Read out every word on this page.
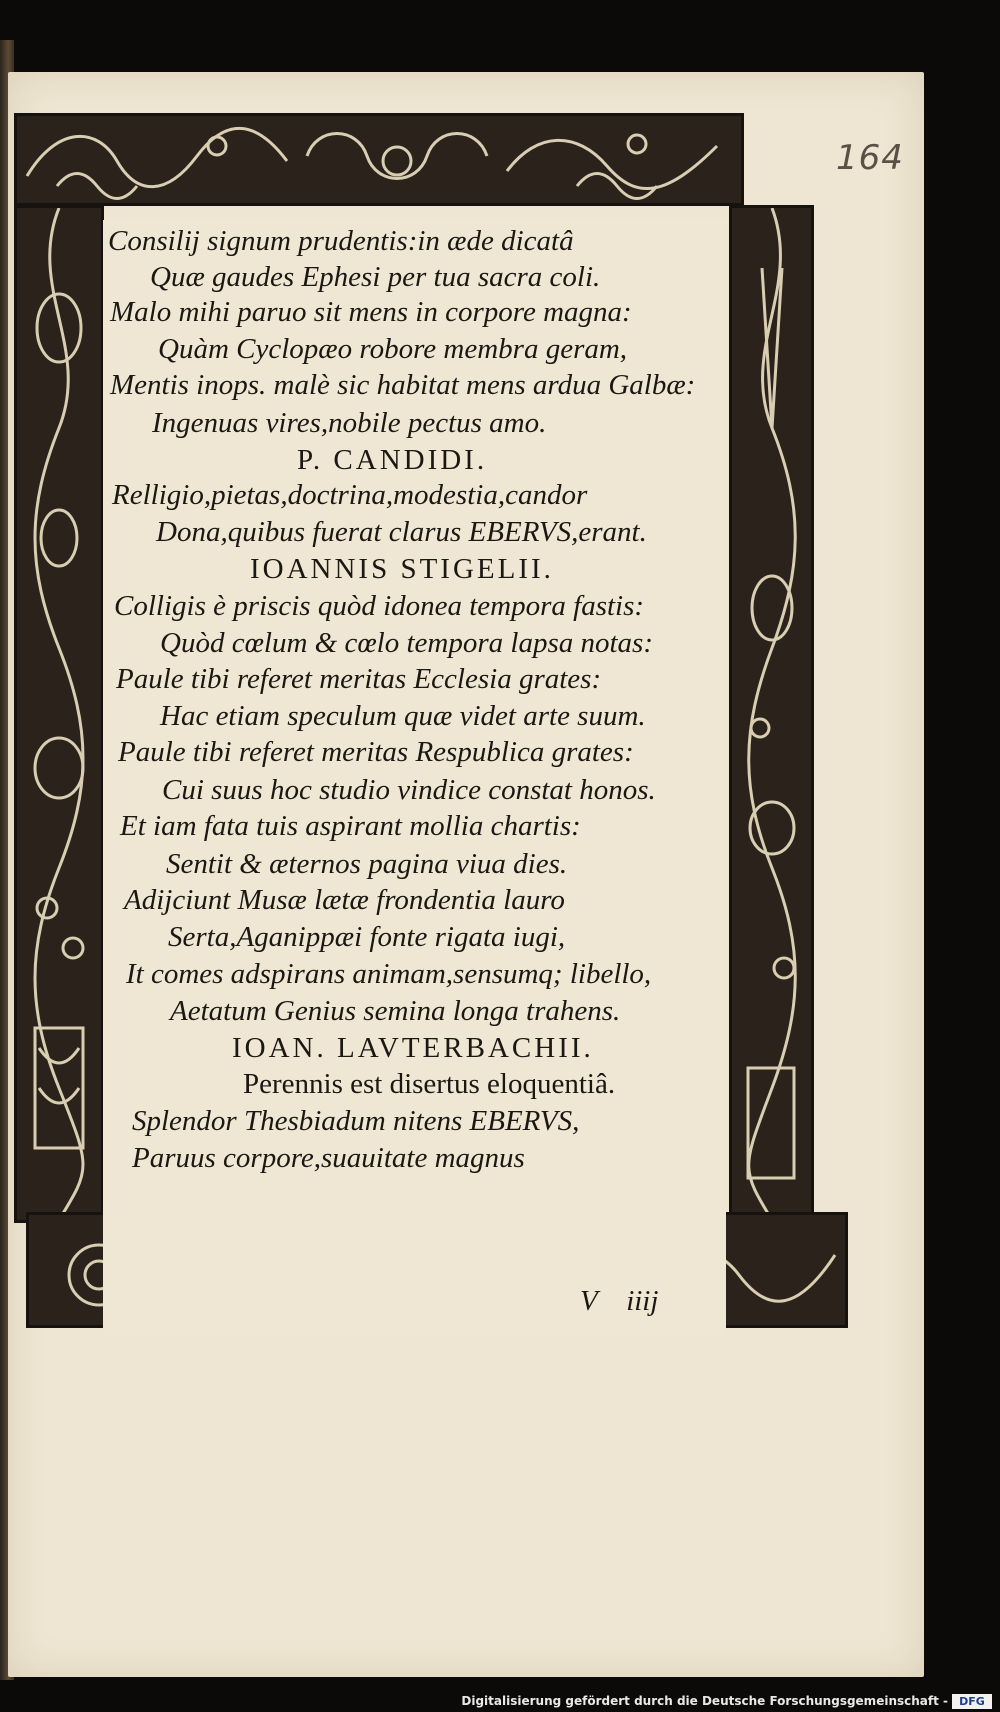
164
Consilij signum prudentis:in æde dicatâ
Quæ gaudes Ephesi per tua sacra coli.
Malo mihi paruo sit mens in corpore magna:
Quàm Cyclopæo robore membra geram,
Mentis inops. malè sic habitat mens ardua Galbæ:
Ingenuas vires,nobile pectus amo.
P. CANDIDI.
Relligio,pietas,doctrina,modestia,candor
Dona,quibus fuerat clarus EBERVS,erant.
IOANNIS STIGELII.
Colligis è priscis quòd idonea tempora fastis:
Quòd cœlum & cœlo tempora lapsa notas:
Paule tibi referet meritas Ecclesia grates:
Hac etiam speculum quæ videt arte suum.
Paule tibi referet meritas Respublica grates:
Cui suus hoc studio vindice constat honos.
Et iam fata tuis aspirant mollia chartis:
Sentit & æternos pagina viua dies.
Adijciunt Musæ lætæ frondentia lauro
Serta,Aganippæi fonte rigata iugi,
It comes adspirans animam,sensumq; libello,
Aetatum Genius semina longa trahens.
IOAN. LAVTERBACHII.
Perennis est disertus eloquentiâ.
Splendor Thesbiadum nitens EBERVS,
Paruus corpore,suauitate magnus
V    iiij
Digitalisierung gefördert durch die Deutsche Forschungsgemeinschaft -	DFG
